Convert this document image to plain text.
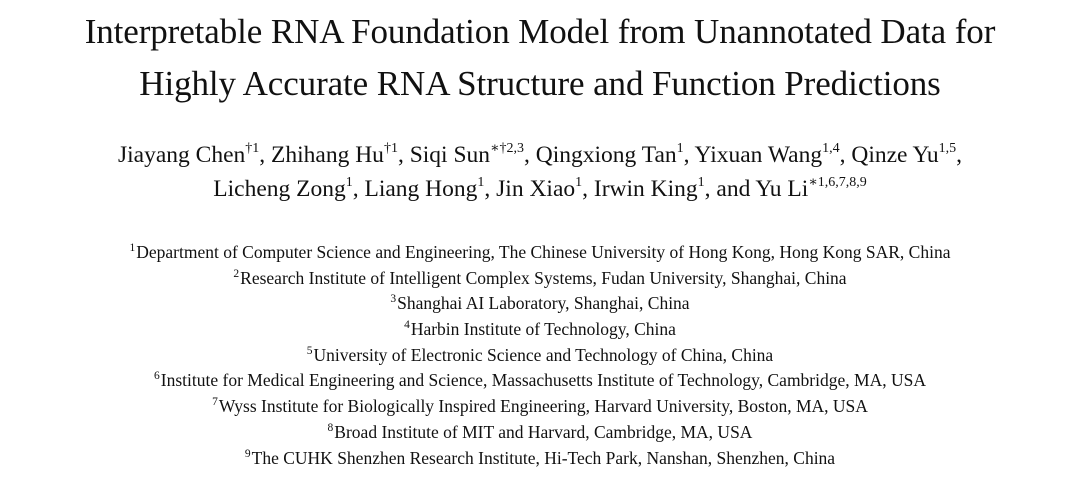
Interpretable RNA Foundation Model from Unannotated Data for
Highly Accurate RNA Structure and Function Predictions
Jiayang Chen$^{\dagger 1}$, Zhihang Hu$^{\dagger 1}$, Siqi Sun$^{∗\dagger 2,3}$, Qingxiong Tan$^1$, Yixuan Wang$^{1,4}$, Qinze Yu$^{1,5}$,
Licheng Zong$^1$, Liang Hong$^1$, Jin Xiao$^1$, Irwin King$^1$, and Yu $Li^{∗1,6,7,8,9}$
$^1$Department of Computer Science and Engineering, The Chinese University of Hong Kong, Hong Kong SAR, China
$^2$Research Institute of Intelligent Complex Systems, Fudan University, Shanghai, China
$^3$Shanghai AI Laboratory, Shanghai, China
$^4$Harbin Institute of Technology, China
$^5$University of Electronic Science and Technology of China, China
$^6$Institute for Medical Engineering and Science, Massachusetts Institute of Technology, Cambridge, MA, USA
$^7$Wyss Institute for Biologically Inspired Engineering, Harvard University, Boston, MA, USA
$^8$Broad Institute of MIT and Harvard, Cambridge, MA, USA
$^9$The CUHK Shenzhen Research Institute, Hi-Tech Park, Nanshan, Shenzhen, China
